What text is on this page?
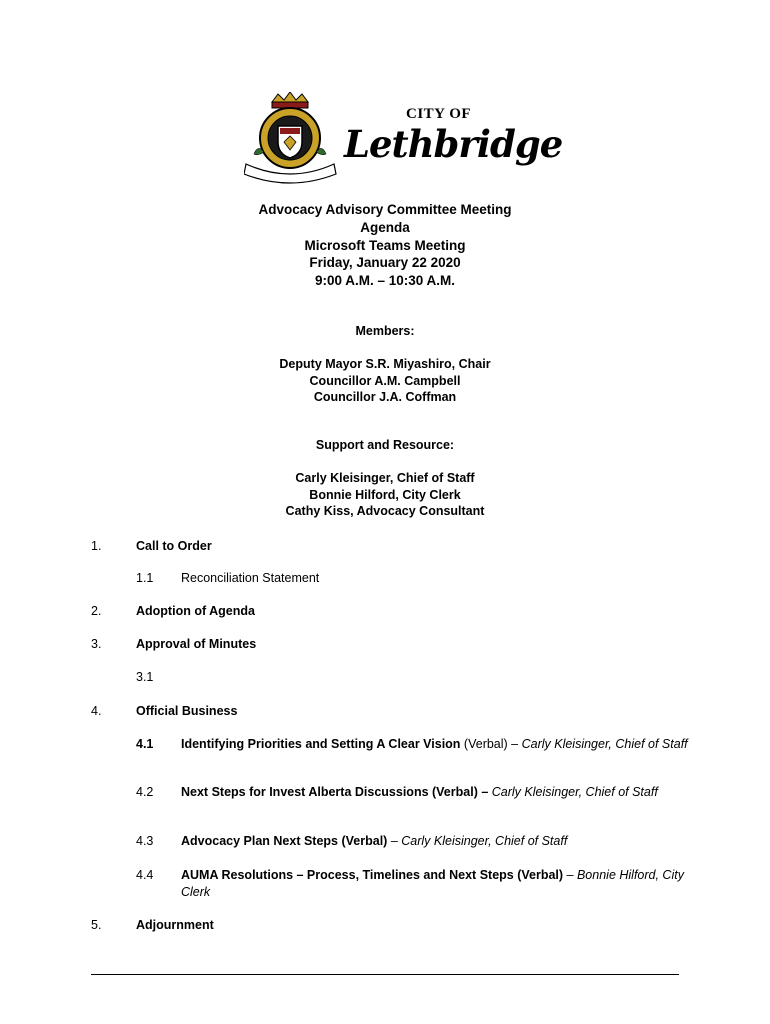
CITY OF
Lethbridge
Advocacy Advisory Committee Meeting
Agenda
Microsoft Teams Meeting
Friday, January 22 2020
9:00 A.M. – 10:30 A.M.
Members:
Deputy Mayor S.R. Miyashiro, Chair
Councillor A.M. Campbell
Councillor J.A. Coffman
Support and Resource:
Carly Kleisinger, Chief of Staff
Bonnie Hilford, City Clerk
Cathy Kiss, Advocacy Consultant
1.	Call to Order
1.1 Reconciliation Statement
2.	Adoption of Agenda
3.	Approval of Minutes
3.1
4.	Official Business
4.1 Identifying Priorities and Setting A Clear Vision (Verbal) – Carly Kleisinger, Chief of Staff
4.2 Next Steps for Invest Alberta Discussions (Verbal) – Carly Kleisinger, Chief of Staff
4.3 Advocacy Plan Next Steps (Verbal) – Carly Kleisinger, Chief of Staff
4.4 AUMA Resolutions – Process, Timelines and Next Steps (Verbal) – Bonnie Hilford, City Clerk
5.	Adjournment
